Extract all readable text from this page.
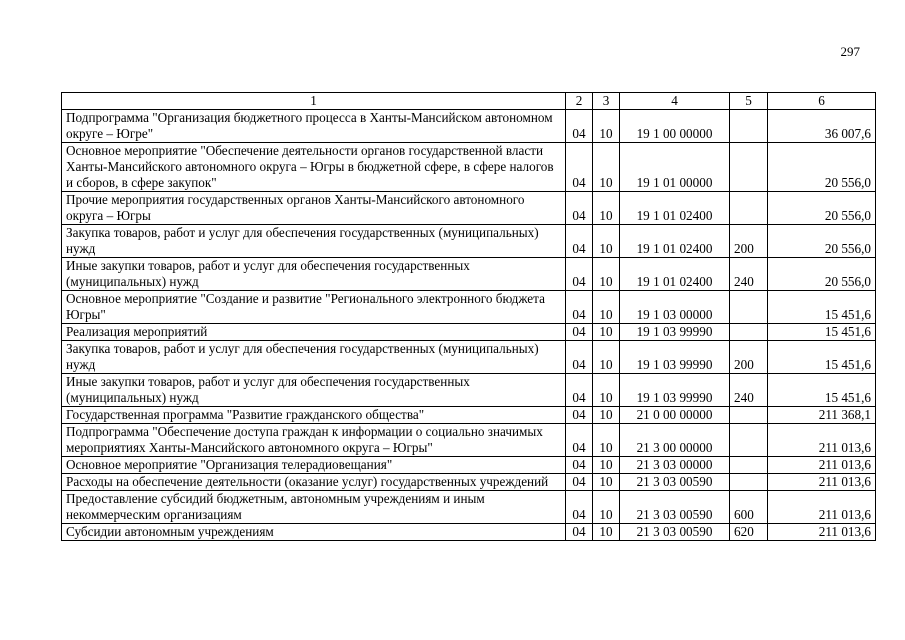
297
1	2	3	4	5	6
Подпрограмма "Организация бюджетного процесса в Ханты-Мансийском автономном округе – Югре"	04	10	19 1 00 00000		36 007,6
Основное мероприятие "Обеспечение деятельности органов государственной власти Ханты-Мансийского автономного округа – Югры в бюджетной сфере, в сфере налогов и сборов, в сфере закупок"	04	10	19 1 01 00000		20 556,0
Прочие мероприятия государственных органов Ханты-Мансийского автономного округа – Югры	04	10	19 1 01 02400		20 556,0
Закупка товаров, работ и услуг для обеспечения государственных (муниципальных) нужд	04	10	19 1 01 02400	200	20 556,0
Иные закупки товаров, работ и услуг для обеспечения государственных (муниципальных) нужд	04	10	19 1 01 02400	240	20 556,0
Основное мероприятие "Создание и развитие "Регионального электронного бюджета Югры"	04	10	19 1 03 00000		15 451,6
Реализация мероприятий	04	10	19 1 03 99990		15 451,6
Закупка товаров, работ и услуг для обеспечения государственных (муниципальных) нужд	04	10	19 1 03 99990	200	15 451,6
Иные закупки товаров, работ и услуг для обеспечения государственных (муниципальных) нужд	04	10	19 1 03 99990	240	15 451,6
Государственная программа "Развитие гражданского общества"	04	10	21 0 00 00000		211 368,1
Подпрограмма "Обеспечение доступа граждан к информации о социально значимых мероприятиях Ханты-Мансийского автономного округа – Югры"	04	10	21 3 00 00000		211 013,6
Основное мероприятие "Организация телерадиовещания"	04	10	21 3 03 00000		211 013,6
Расходы на обеспечение деятельности (оказание услуг) государственных учреждений	04	10	21 3 03 00590		211 013,6
Предоставление субсидий бюджетным, автономным учреждениям и иным некоммерческим организациям	04	10	21 3 03 00590	600	211 013,6
Субсидии автономным учреждениям	04	10	21 3 03 00590	620	211 013,6
